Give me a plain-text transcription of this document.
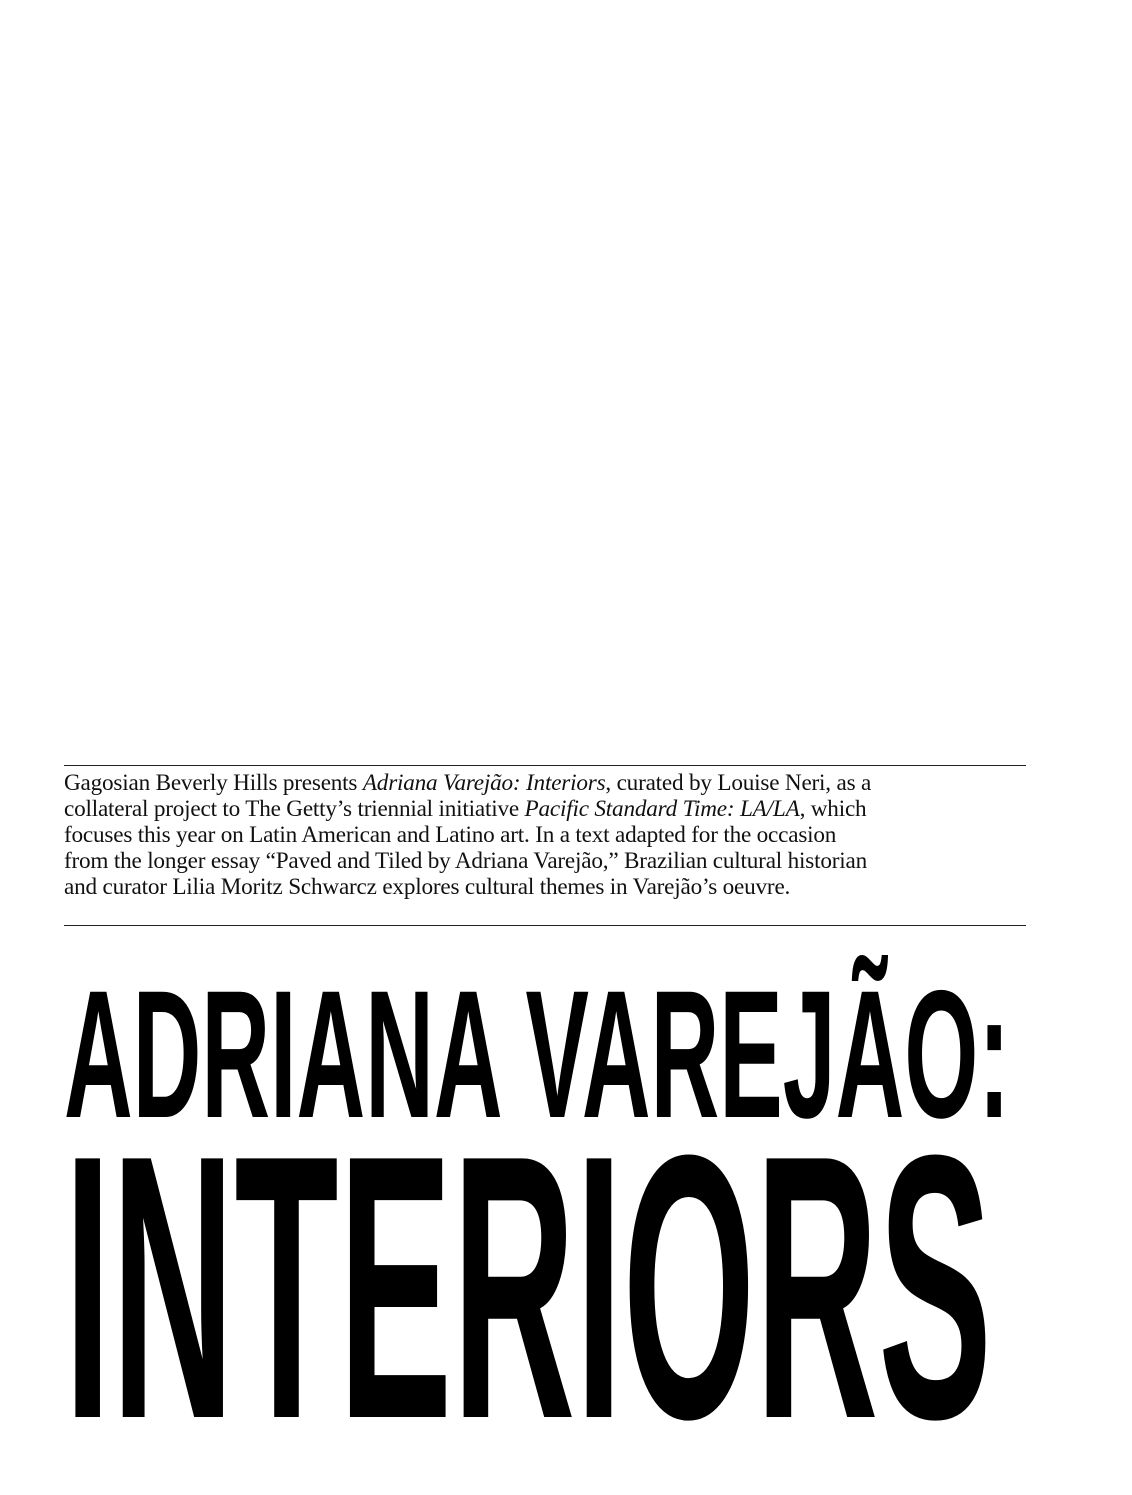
Gagosian Beverly Hills presents Adriana Varejão: Interiors, curated by Louise Neri, as a
collateral project to The Getty’s triennial initiative Pacific Standard Time: LA/LA, which
focuses this year on Latin American and Latino art. In a text adapted for the occasion
from the longer essay “Paved and Tiled by Adriana Varejão,” Brazilian cultural historian
and curator Lilia Moritz Schwarcz explores cultural themes in Varejão’s oeuvre.

ADRIANA VAREJÃO:
INTERIORS
